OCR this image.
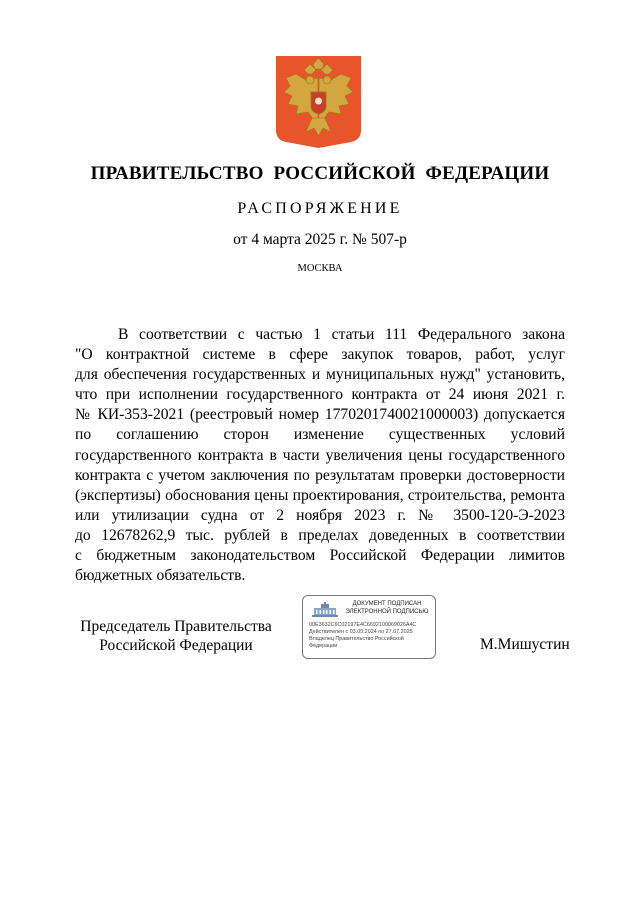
ПРАВИТЕЛЬСТВО РОССИЙСКОЙ ФЕДЕРАЦИИ
РАСПОРЯЖЕНИЕ
от 4 марта 2025 г. № 507-р
МОСКВА
В соответствии с частью 1 статьи 111 Федерального закона
"О контрактной системе в сфере закупок товаров, работ, услуг
для обеспечения государственных и муниципальных нужд" установить,
что при исполнении государственного контракта от 24 июня 2021 г.
№ КИ-353-2021 (реестровый номер 1770201740021000003) допускается
по соглашению сторон изменение существенных условий
государственного контракта в части увеличения цены государственного
контракта с учетом заключения по результатам проверки достоверности
(экспертизы) обоснования цены проектирования, строительства, ремонта
или утилизации судна от 2 ноября 2023 г. № 3500-120-Э-2023
до 12678262,9 тыс. рублей в пределах доведенных в соответствии
с бюджетным законодательством Российской Федерации лимитов
бюджетных обязательств.
Председатель Правительства
Российской Федерации
ДОКУМЕНТ ПОДПИСАН
ЭЛЕКТРОННОЙ ПОДПИСЬЮ
00E3632C6C02197E4C6692100069026A4C
Действителен с 03.05.2024 по 27.07.2025
Владелец Правительство Российской
Федерации	М.Мишустин
